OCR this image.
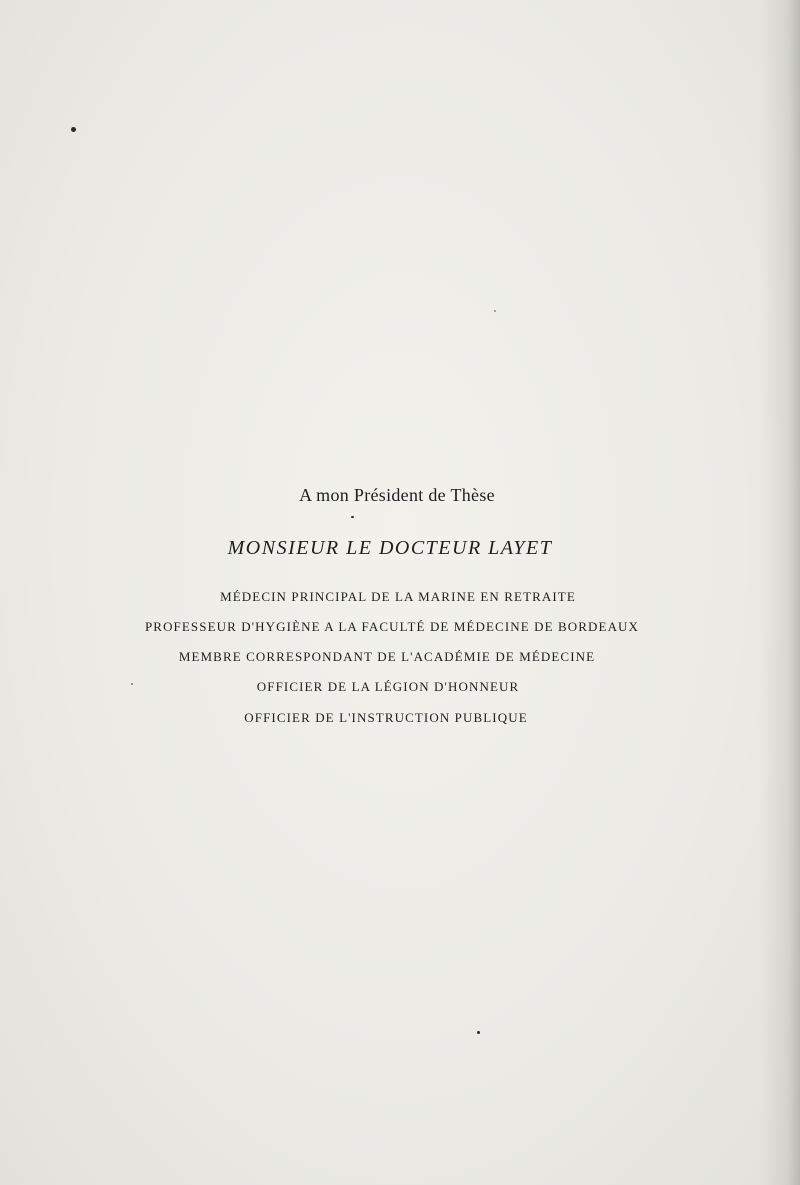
A mon Président de Thèse
MONSIEUR LE DOCTEUR LAYET
MÉDECIN PRINCIPAL DE LA MARINE EN RETRAITE
PROFESSEUR D'HYGIÈNE A LA FACULTÉ DE MÉDECINE DE BORDEAUX
MEMBRE CORRESPONDANT DE L'ACADÉMIE DE MÉDECINE
OFFICIER DE LA LÉGION D'HONNEUR
OFFICIER DE L'INSTRUCTION PUBLIQUE
